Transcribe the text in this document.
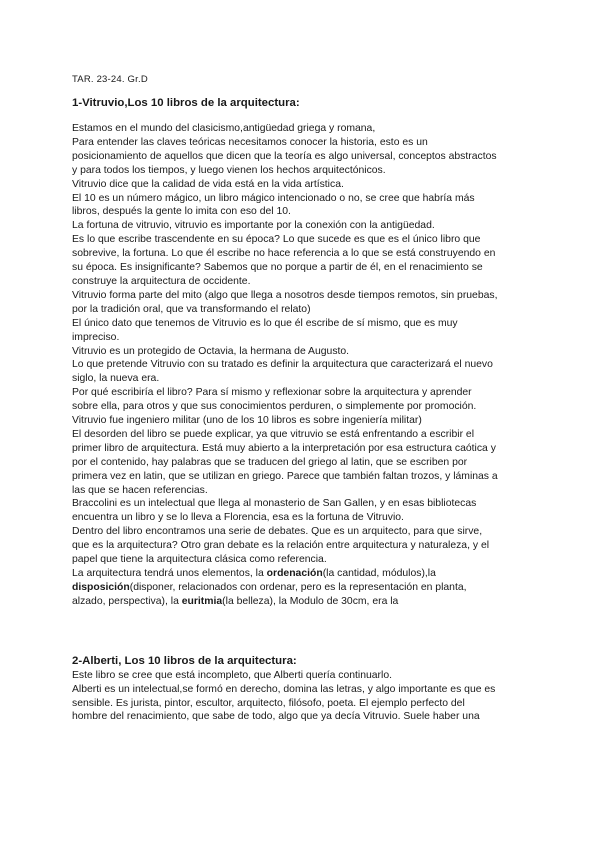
TAR. 23-24. Gr.D
1-Vitruvio,Los 10 libros de la arquitectura:
Estamos en el mundo del clasicismo,antigüedad griega y romana,
Para entender las claves teóricas necesitamos conocer la historia, esto es un
posicionamiento de aquellos que dicen que la teoría es algo universal, conceptos abstractos
y para todos los tiempos, y luego vienen los hechos arquitectónicos.
Vitruvio dice que la calidad de vida está en la vida artística.
El 10 es un número mágico, un libro mágico intencionado o no, se cree que habría más
libros, después la gente lo imita con eso del 10.
La fortuna de vitruvio, vitruvio es importante por la conexión con la antigüedad.
Es lo que escribe trascendente en su época? Lo que sucede es que es el único libro que
sobrevive, la fortuna. Lo que él escribe no hace referencia a lo que se está construyendo en
su época. Es insignificante? Sabemos que no porque a partir de él, en el renacimiento se
construye la arquitectura de occidente.
Vitruvio forma parte del mito (algo que llega a nosotros desde tiempos remotos, sin pruebas,
por la tradición oral, que va transformando el relato)
El único dato que tenemos de Vitruvio es lo que él escribe de sí mismo, que es muy
impreciso.
Vitruvio es un protegido de Octavia, la hermana de Augusto.
Lo que pretende Vitruvio con su tratado es definir la arquitectura que caracterizará el nuevo
siglo, la nueva era.
Por qué escribiría el libro? Para sí mismo y reflexionar sobre la arquitectura y aprender
sobre ella, para otros y que sus conocimientos perduren, o simplemente por promoción.
Vitruvio fue ingeniero militar (uno de los 10 libros es sobre ingeniería militar)
El desorden del libro se puede explicar, ya que vitruvio se está enfrentando a escribir el
primer libro de arquitectura. Está muy abierto a la interpretación por esa estructura caótica y
por el contenido, hay palabras que se traducen del griego al latin, que se escriben por
primera vez en latin, que se utilizan en griego. Parece que también faltan trozos, y láminas a
las que se hacen referencias.
Braccolini es un intelectual que llega al monasterio de San Gallen, y en esas bibliotecas
encuentra un libro y se lo lleva a Florencia, esa es la fortuna de Vitruvio.
Dentro del libro encontramos una serie de debates. Que es un arquitecto, para que sirve,
que es la arquitectura? Otro gran debate es la relación entre arquitectura y naturaleza, y el
papel que tiene la arquitectura clásica como referencia.
La arquitectura tendrá unos elementos, la ordenación(la cantidad, módulos),la
disposición(disponer, relacionados con ordenar, pero es la representación en planta,
alzado, perspectiva), la euritmia(la belleza), la Modulo de 30cm, era la
2-Alberti, Los 10 libros de la arquitectura:
Este libro se cree que está incompleto, que Alberti quería continuarlo.
Alberti es un intelectual,se formó en derecho, domina las letras, y algo importante es que es
sensible. Es jurista, pintor, escultor, arquitecto, filósofo, poeta. El ejemplo perfecto del
hombre del renacimiento, que sabe de todo, algo que ya decía Vitruvio. Suele haber una
